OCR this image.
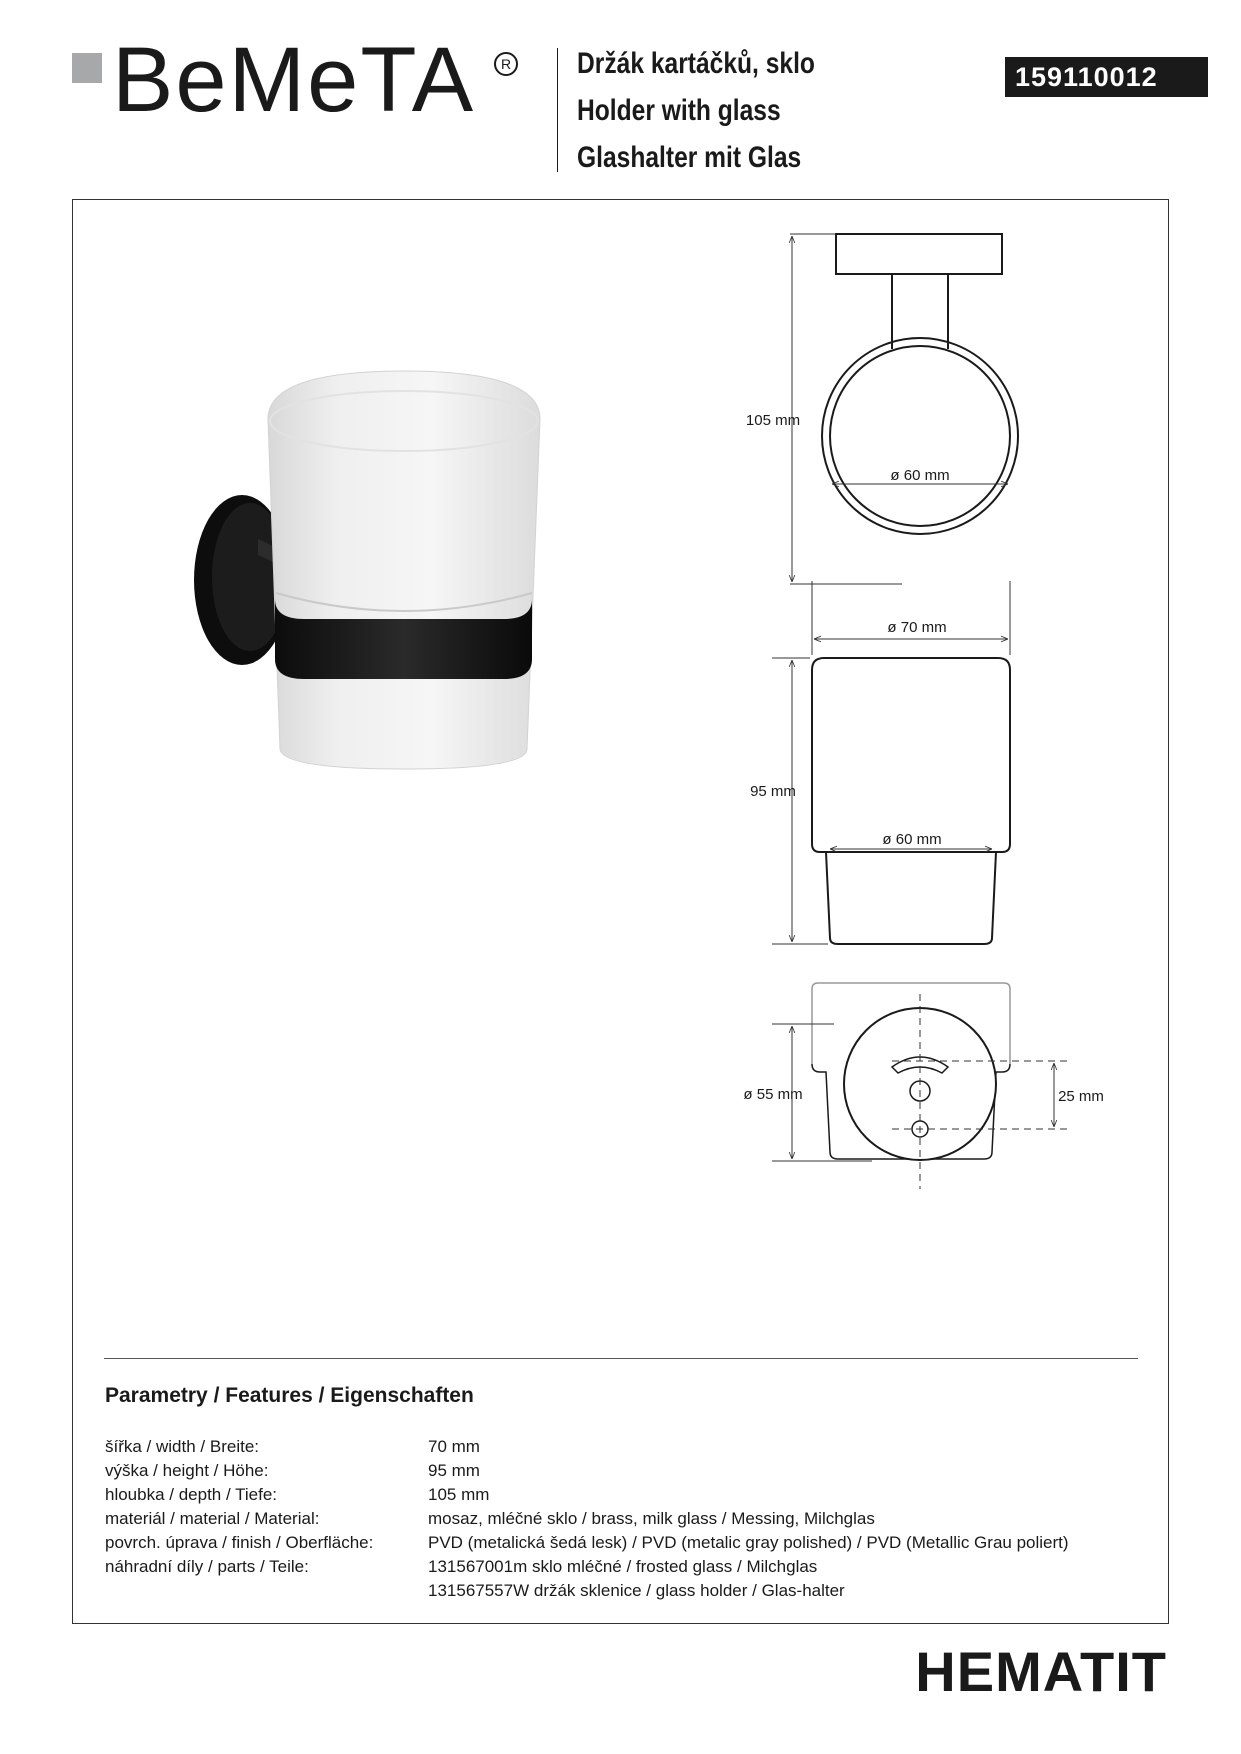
BeMeTA	R Držák kartáčků, sklo
Holder with glass
Glashalter mit Glas
159110012
105 mm
ø 60 mm
ø 70 mm
95 mm
ø 60 mm
ø 55 mm	25 mm
Parametry / Features / Eigenschaften
šířka / width / Breite:	70 mm
výška / height / Höhe:	95 mm
hloubka / depth / Tiefe:	105 mm
materiál / material / Material:	mosaz, mléčné sklo / brass, milk glass / Messing, Milchglas
povrch. úprava / finish / Oberfläche:	PVD (metalická šedá lesk) / PVD (metalic gray polished) / PVD (Metallic Grau poliert)
náhradní díly / parts / Teile:	131567001m sklo mléčné / frosted glass / Milchglas
131567557W držák sklenice / glass holder / Glas-halter
HEMATIT
